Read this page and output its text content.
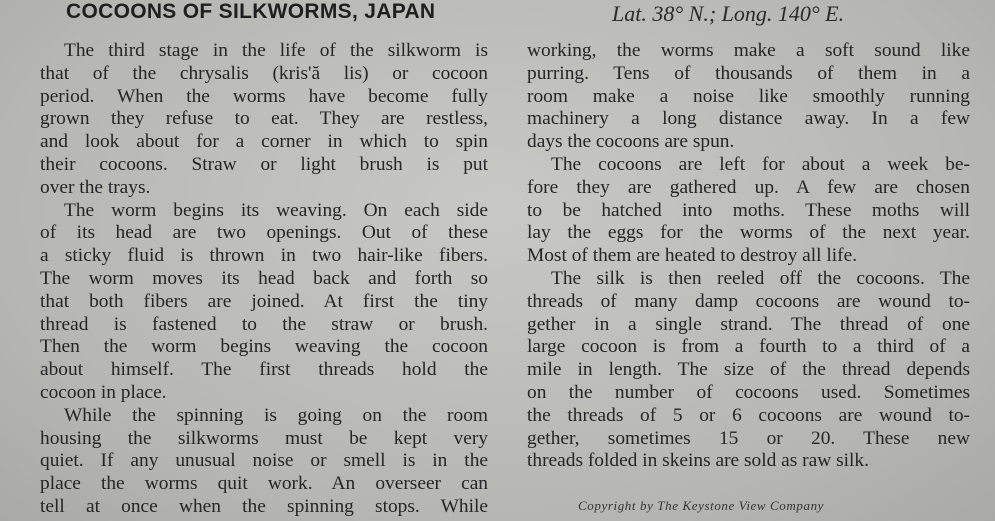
COCOONS OF SILKWORMS, JAPAN	Lat. 38° N.; Long. 140° E.
The third stage in the life of the silkworm is
that of the chrysalis (kris'ă lis) or cocoon
period. When the worms have become fully
grown they refuse to eat. They are restless,
and look about for a corner in which to spin
their cocoons. Straw or light brush is put
over the trays.
The worm begins its weaving. On each side
of its head are two openings. Out of these
a sticky fluid is thrown in two hair-like fibers.
The worm moves its head back and forth so
that both fibers are joined. At first the tiny
thread is fastened to the straw or brush.
Then the worm begins weaving the cocoon
about himself. The first threads hold the
cocoon in place.
While the spinning is going on the room
housing the silkworms must be kept very
quiet. If any unusual noise or smell is in the
place the worms quit work. An overseer can
tell at once when the spinning stops. While
working, the worms make a soft sound like
purring. Tens of thousands of them in a
room make a noise like smoothly running
machinery a long distance away. In a few
days the cocoons are spun.
The cocoons are left for about a week be-
fore they are gathered up. A few are chosen
to be hatched into moths. These moths will
lay the eggs for the worms of the next year.
Most of them are heated to destroy all life.
The silk is then reeled off the cocoons. The
threads of many damp cocoons are wound to-
gether in a single strand. The thread of one
large cocoon is from a fourth to a third of a
mile in length. The size of the thread depends
on the number of cocoons used. Sometimes
the threads of 5 or 6 cocoons are wound to-
gether, sometimes 15 or 20. These new
threads folded in skeins are sold as raw silk.
Copyright by The Keystone View Company
